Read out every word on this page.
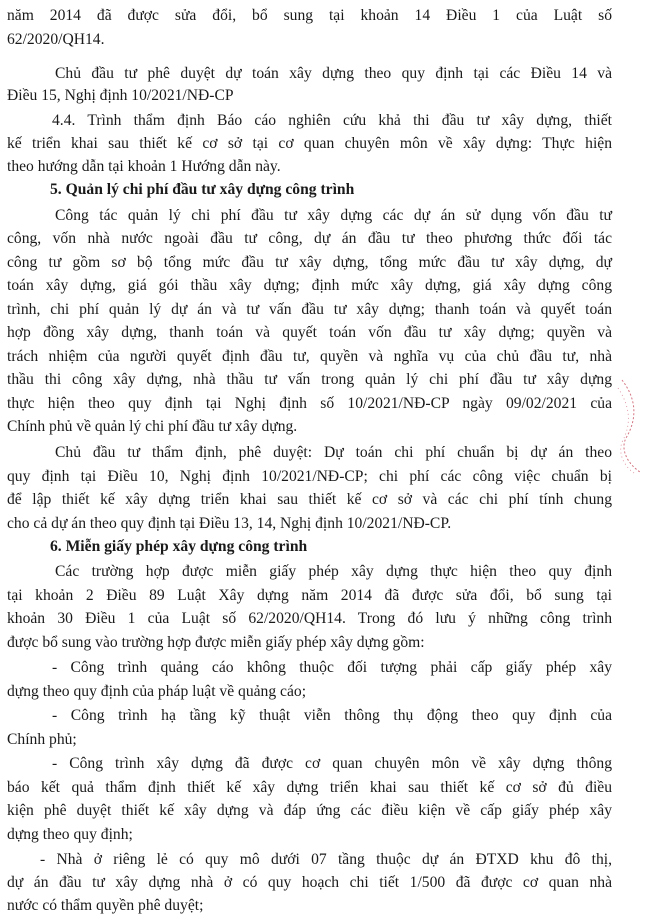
năm 2014 đã được sửa đổi, bổ sung tại khoản 14 Điều 1 của Luật số
62/2020/QH14.
Chủ đầu tư phê duyệt dự toán xây dựng theo quy định tại các Điều 14 và
Điều 15, Nghị định 10/2021/NĐ-CP
4.4. Trình thẩm định Báo cáo nghiên cứu khả thi đầu tư xây dựng, thiết
kế triển khai sau thiết kế cơ sở tại cơ quan chuyên môn về xây dựng: Thực hiện
theo hướng dẫn tại khoản 1 Hướng dẫn này.
5. Quản lý chi phí đầu tư xây dựng công trình
Công tác quản lý chi phí đầu tư xây dựng các dự án sử dụng vốn đầu tư
công, vốn nhà nước ngoài đầu tư công, dự án đầu tư theo phương thức đối tác
công tư gồm sơ bộ tổng mức đầu tư xây dựng, tổng mức đầu tư xây dựng, dự
toán xây dựng, giá gói thầu xây dựng; định mức xây dựng, giá xây dựng công
trình, chi phí quản lý dự án và tư vấn đầu tư xây dựng; thanh toán và quyết toán
hợp đồng xây dựng, thanh toán và quyết toán vốn đầu tư xây dựng; quyền và
trách nhiệm của người quyết định đầu tư, quyền và nghĩa vụ của chủ đầu tư, nhà
thầu thi công xây dựng, nhà thầu tư vấn trong quản lý chi phí đầu tư xây dựng
thực hiện theo quy định tại Nghị định số 10/2021/NĐ-CP ngày 09/02/2021 của
Chính phủ về quản lý chi phí đầu tư xây dựng.
Chủ đầu tư thẩm định, phê duyệt: Dự toán chi phí chuẩn bị dự án theo
quy định tại Điều 10, Nghị định 10/2021/NĐ-CP; chi phí các công việc chuẩn bị
để lập thiết kế xây dựng triển khai sau thiết kế cơ sở và các chi phí tính chung
cho cả dự án theo quy định tại Điều 13, 14, Nghị định 10/2021/NĐ-CP.
6. Miễn giấy phép xây dựng công trình
Các trường hợp được miễn giấy phép xây dựng thực hiện theo quy định
tại khoản 2 Điều 89 Luật Xây dựng năm 2014 đã được sửa đổi, bổ sung tại
khoản 30 Điều 1 của Luật số 62/2020/QH14. Trong đó lưu ý những công trình
được bổ sung vào trường hợp được miễn giấy phép xây dựng gồm:
- Công trình quảng cáo không thuộc đối tượng phải cấp giấy phép xây
dựng theo quy định của pháp luật về quảng cáo;
- Công trình hạ tầng kỹ thuật viễn thông thụ động theo quy định của
Chính phủ;
- Công trình xây dựng đã được cơ quan chuyên môn về xây dựng thông
báo kết quả thẩm định thiết kế xây dựng triển khai sau thiết kế cơ sở đủ điều
kiện phê duyệt thiết kế xây dựng và đáp ứng các điều kiện về cấp giấy phép xây
dựng theo quy định;
- Nhà ở riêng lẻ có quy mô dưới 07 tầng thuộc dự án ĐTXD khu đô thị,
dự án đầu tư xây dựng nhà ở có quy hoạch chi tiết 1/500 đã được cơ quan nhà
nước có thẩm quyền phê duyệt;
